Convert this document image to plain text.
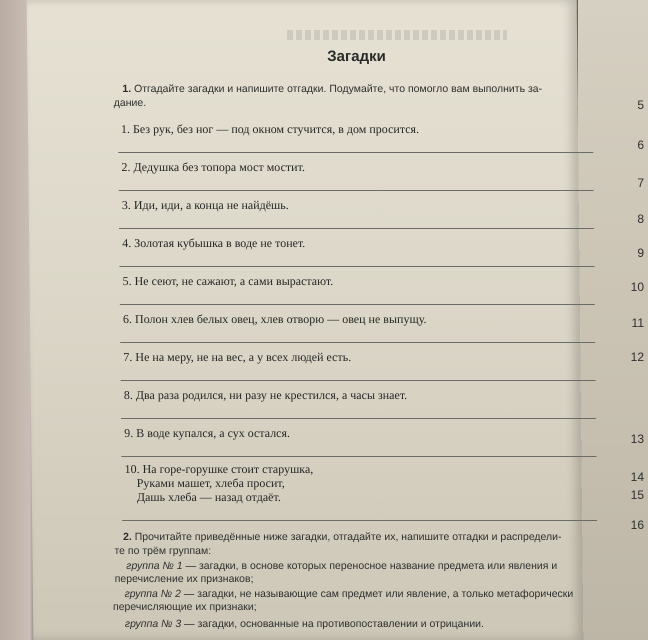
5
6
7
8
9
10
11
12
13
14
15
16
Загадки
1. Отгадайте загадки и напишите отгадки. Подумайте, что помогло вам выполнить за-
дание.
1. Без рук, без ног — под окном стучится, в дом просится.
2. Дедушка без топора мост мостит.
3. Иди, иди, а конца не найдёшь.
4. Золотая кубышка в воде не тонет.
5. Не сеют, не сажают, а сами вырастают.
6. Полон хлев белых овец, хлев отворю — овец не выпущу.
7. Не на меру, не на вес, а у всех людей есть.
8. Два раза родился, ни разу не крестился, а часы знает.
9. В воде купался, а сух остался.
10. На горе-горушке стоит старушка,
Руками машет, хлеба просит,
Дашь хлеба — назад отдаёт.
2. Прочитайте приведённые ниже загадки, отгадайте их, напишите отгадки и распредели-
те по трём группам:
группа № 1 — загадки, в основе которых переносное название предмета или явления и
перечисление их признаков;
группа № 2 — загадки, не называющие сам предмет или явление, а только метафорически
перечисляющие их признаки;
группа № 3 — загадки, основанные на противопоставлении и отрицании.
